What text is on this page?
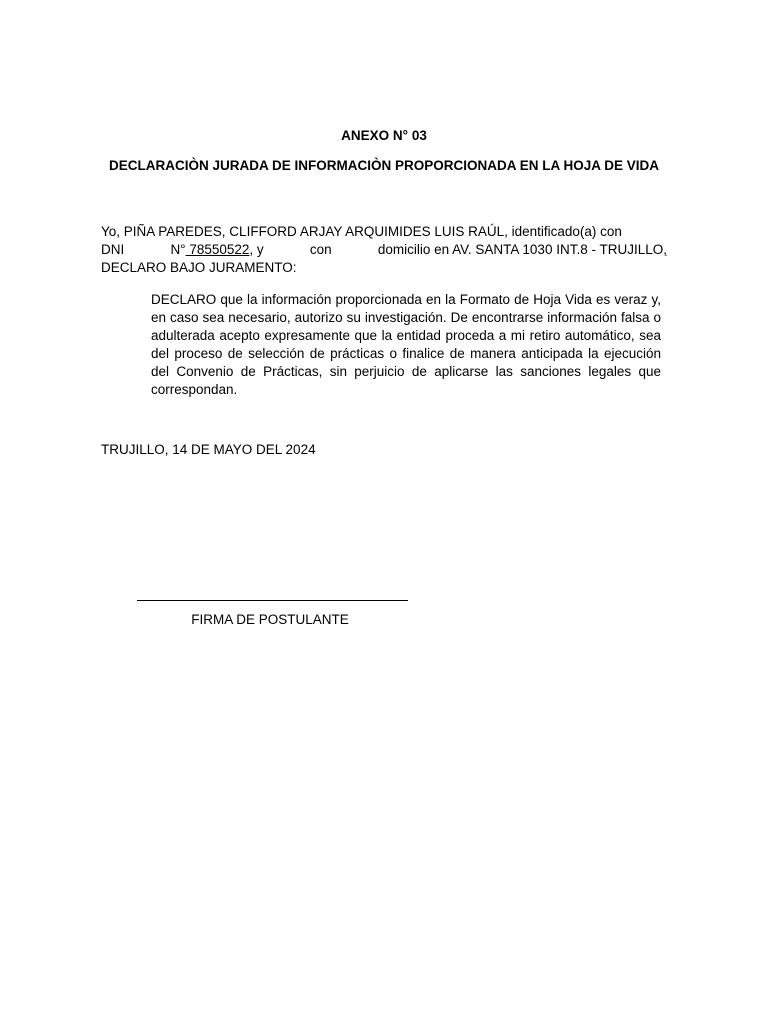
ANEXO N° 03
DECLARACIÒN JURADA DE INFORMACIÒN PROPORCIONADA EN LA HOJA DE VIDA
Yo, PIÑA PAREDES, CLIFFORD ARJAY ARQUIMIDES LUIS RAÚL, identificado(a) con
DNI	N° 78550522, y	con	domicilio en AV. SANTA 1030 INT.8 - TRUJILLO,
DECLARO BAJO JURAMENTO:

DECLARO que la información proporcionada en la Formato de Hoja Vida es veraz y, en caso sea necesario, autorizo su investigación. De encontrarse información falsa o adulterada acepto expresamente que la entidad proceda a mi retiro automático, sea del proceso de selección de prácticas o finalice de manera anticipada la ejecución del Convenio de Prácticas, sin perjuicio de aplicarse las sanciones legales que correspondan.

TRUJILLO, 14 DE MAYO DEL 2024
FIRMA DE POSTULANTE
